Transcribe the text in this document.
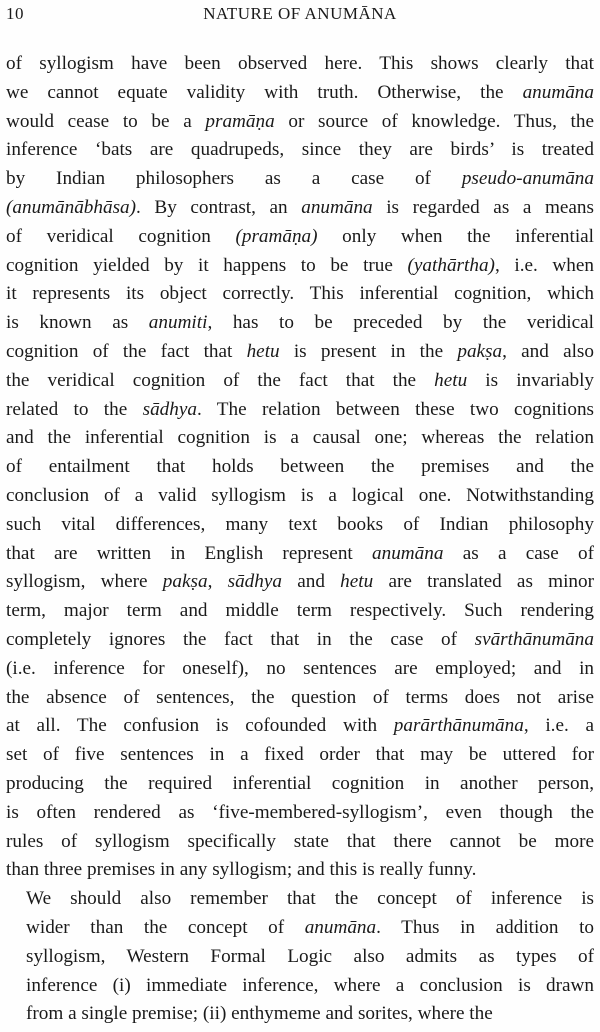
10	NATURE OF ANUMĀNA
of syllogism have been observed here. This shows clearly that
we cannot equate validity with truth. Otherwise, the anumāna
would cease to be a pramāṇa or source of knowledge. Thus, the
inference ‘bats are quadrupeds, since they are birds’ is treated
by Indian philosophers as a case of pseudo-anumāna
(anumānābhāsa). By contrast, an anumāna is regarded as a means
of veridical cognition (pramāṇa) only when the inferential
cognition yielded by it happens to be true (yathārtha), i.e. when
it represents its object correctly. This inferential cognition, which
is known as anumiti, has to be preceded by the veridical
cognition of the fact that hetu is present in the pakṣa, and also
the veridical cognition of the fact that the hetu is invariably
related to the sādhya. The relation between these two cognitions
and the inferential cognition is a causal one; whereas the relation
of entailment that holds between the premises and the
conclusion of a valid syllogism is a logical one. Notwithstanding
such vital differences, many text books of Indian philosophy
that are written in English represent anumāna as a case of
syllogism, where pakṣa, sādhya and hetu are translated as minor
term, major term and middle term respectively. Such rendering
completely ignores the fact that in the case of svārthānumāna
(i.e. inference for oneself), no sentences are employed; and in
the absence of sentences, the question of terms does not arise
at all. The confusion is cofounded with parārthānumāna, i.e. a
set of five sentences in a fixed order that may be uttered for
producing the required inferential cognition in another person,
is often rendered as ‘five-membered-syllogism’, even though the
rules of syllogism specifically state that there cannot be more
than three premises in any syllogism; and this is really funny.
We should also remember that the concept of inference is
wider than the concept of anumāna. Thus in addition to
syllogism, Western Formal Logic also admits as types of
inference (i) immediate inference, where a conclusion is drawn
from a single premise; (ii) enthymeme and sorites, where the
